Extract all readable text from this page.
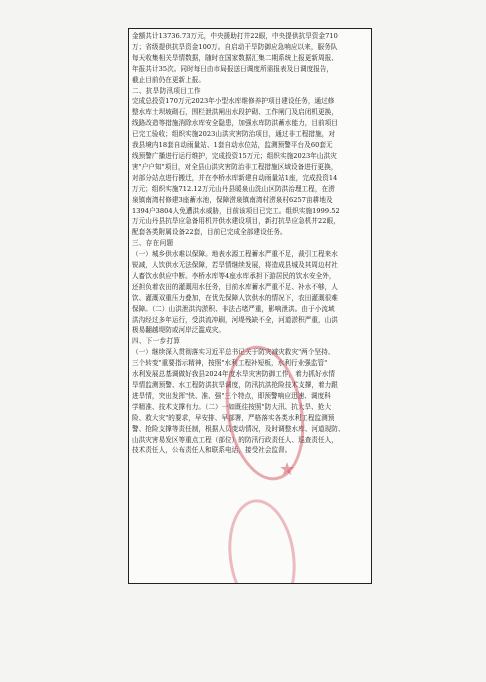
金额共计13736.73万元，中央援助打井22眼，中央提供抗旱资金710
万；省级提供抗旱资金100万。自启动干旱防御应急响应以来，服务队
每天收集相关旱情数据，随时在国家数据汇集二期系统上报更新周报、
年报共计35次。同时每日由市局报送日调度所需报表及日调度报告，
截止目前仍在更新上报。
二、抗旱防汛项目工作
完成总投资170万元2023年小型水库维修养护项目建设任务，通过修
整水库土坝坡砌石，围栏泄洪闸出水段护砌、工作闸门及启闭机更换，
线路改造等措施消除水库安全隐患，加强水库防洪蓄水能力，目前项目
已完工验收；组织实施2023山洪灾害防治项目，通过非工程措施，对
我县境内18套自动雨量站、1套自动水位站，监测预警平台及60套无
线预警广播进行运行维护，完成投资15万元；组织实施2023年山洪灾
害"户户知"项目，对全县山洪灾害防治非工程措施区域设备进行更换，
对部分站点进行搬迁，并在李桥水库新建自动雨量站1座，完成投资14
万元；组织实施712.12万元山丹县暖泉山洗山区防洪治理工程，在涝
泉镇南湾村修建3座蓄水池，保障涝泉镇南湾村涝泉村6257亩耕地及
1394户3804人免遭洪水威胁，目前该项目已完工。组织实施1999.52
万元山丹县抗旱应急备用机井供水建设项目，新打抗旱应急机井22眼，
配套各类附属设备22套，目前已完成全部建设任务。
三、存在问题
（一）城乡供水难以保障。地表水源工程蓄水严重不足，裁引工程来水
锐减，人饮供水无法保障，若旱情继续发展，将造成县城及其周边村社
人畜饮水供应中断。李桥水库等4座水库承担下游居民的饮水安全外，
还担负着农田的灌溉用水任务，目前水库蓄水严重不足、补水不够，人
饮、灌溉双重压力叠加，在优先保障人饮供水的情况下，农田灌溉很难
保障。（二）山洪泄洪沟淤积、非法占堵严重，影响泄洪。由于小流域
洪沟经过多年运行，受洪流冲刷，河堤残缺不全，河道淤积严重，山洪
极易翻越堤防或河岸泛滥成灾。
四、下一步打算
（一）继续深入贯彻落实习近平总书记关于防灾减灾救灾"两个坚持、
三个转变"重要指示精神，按照"水利工程补短板，水利行业强监管"
水利发展总基调做好我县2024年度水旱灾害防御工作，着力抓好水情
旱情监测预警、水工程防洪抗旱调度，防汛抗洪抢险技术支撑，着力跟
进旱情，突出发挥"快、准、强"三个特点，即预警响应迅速、调度科
学精准、技术支撑有力。（二）一如既往按照"防大汛、抗大旱、抢大
险、救大灾"的要求，早安排、早部署，严格落实各类水利工程监测预
警、抢险支撑等责任制，根据人员变动情况，及时调整水库、河道现防、
山洪灾害易发区等重点工程（部位）的防汛行政责任人、巡查责任人，
技术责任人，公布责任人和联系电话，接受社会监督。
★
